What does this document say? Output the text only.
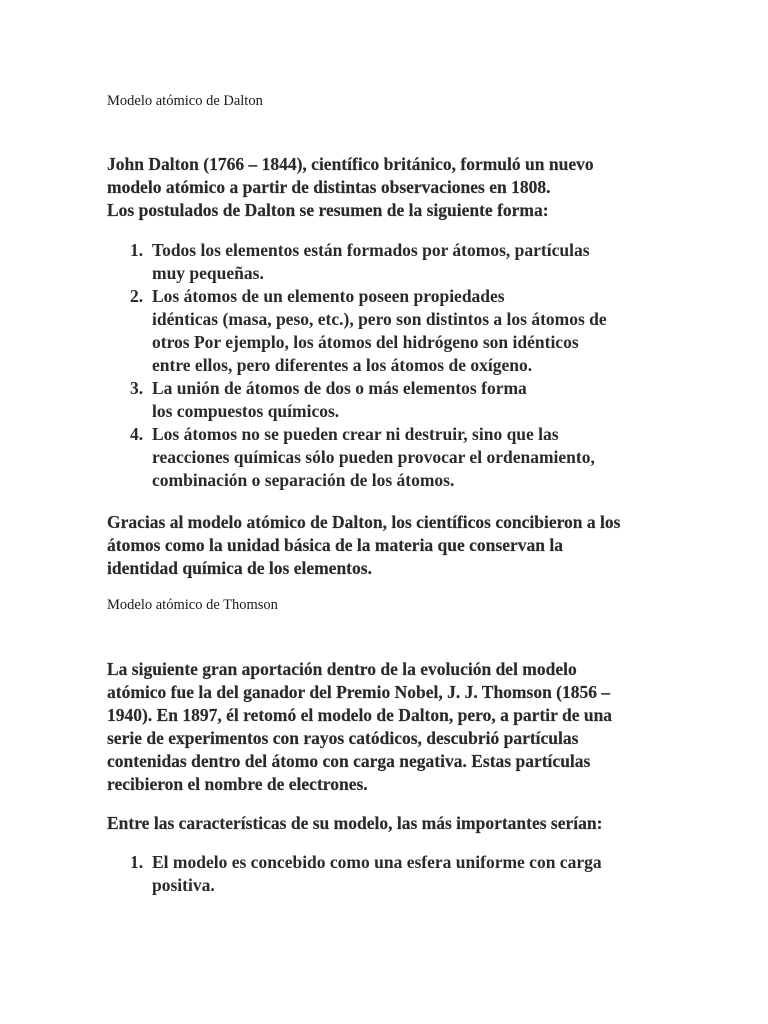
Modelo atómico de Dalton
John Dalton (1766 – 1844), científico británico, formuló un nuevo
modelo atómico a partir de distintas observaciones en 1808.
Los postulados de Dalton se resumen de la siguiente forma:
1. Todos los elementos están formados por átomos, partículas
muy pequeñas.
2. Los átomos de un elemento poseen propiedades
idénticas (masa, peso, etc.), pero son distintos a los átomos de
otros Por ejemplo, los átomos del hidrógeno son idénticos
entre ellos, pero diferentes a los átomos de oxígeno.
3. La unión de átomos de dos o más elementos forma
los compuestos químicos.
4. Los átomos no se pueden crear ni destruir, sino que las
reacciones químicas sólo pueden provocar el ordenamiento,
combinación o separación de los átomos.
Gracias al modelo atómico de Dalton, los científicos concibieron a los
átomos como la unidad básica de la materia que conservan la
identidad química de los elementos.
Modelo atómico de Thomson
La siguiente gran aportación dentro de la evolución del modelo
atómico fue la del ganador del Premio Nobel, J. J. Thomson (1856 –
1940). En 1897, él retomó el modelo de Dalton, pero, a partir de una
serie de experimentos con rayos catódicos, descubrió partículas
contenidas dentro del átomo con carga negativa. Estas partículas
recibieron el nombre de electrones.
Entre las características de su modelo, las más importantes serían:
1. El modelo es concebido como una esfera uniforme con carga
positiva.
